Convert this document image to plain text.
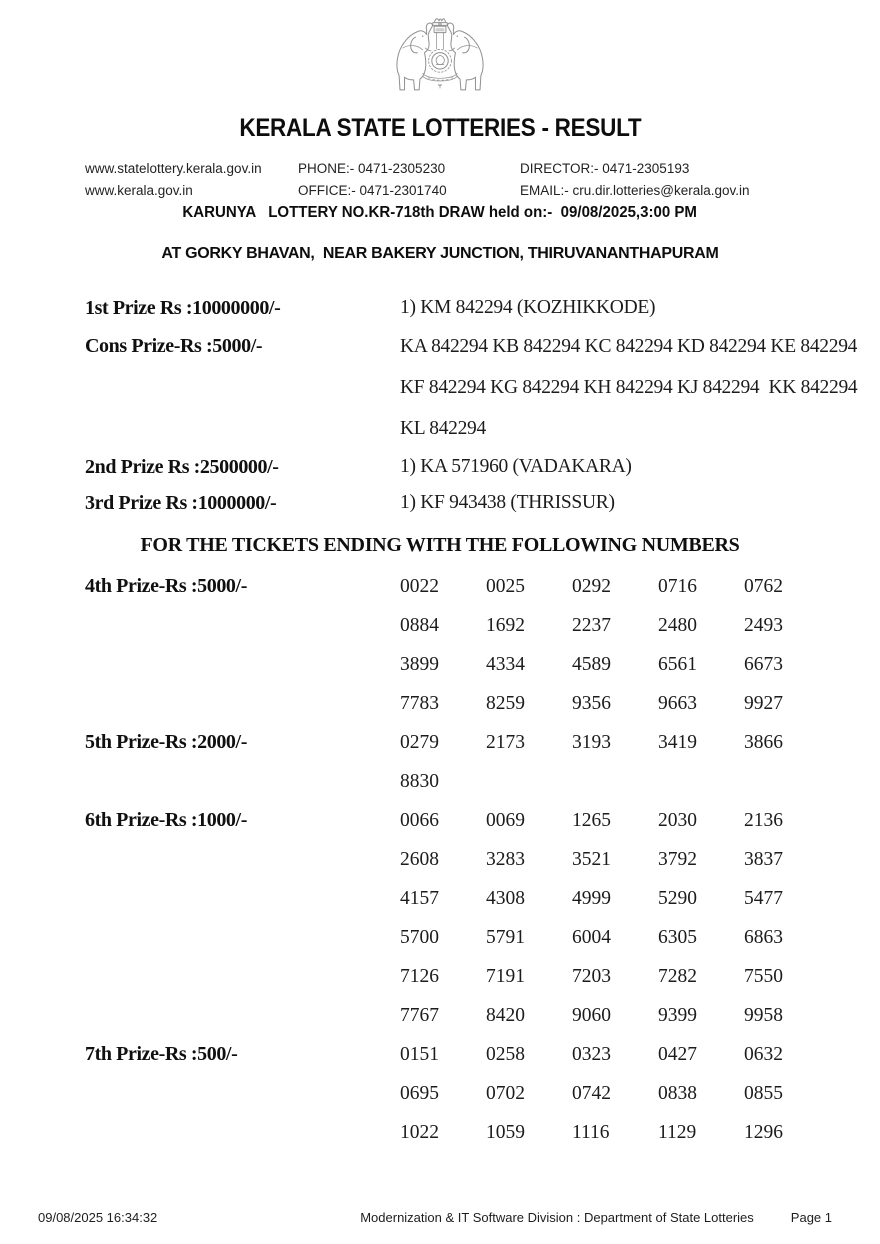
KERALA STATE LOTTERIES - RESULT
www.statelottery.kerala.gov.in	PHONE:- 0471-2305230	DIRECTOR:- 0471-2305193
www.kerala.gov.in	OFFICE:- 0471-2301740	EMAIL:- cru.dir.lotteries@kerala.gov.in
KARUNYA   LOTTERY NO.KR-718th DRAW held on:-  09/08/2025,3:00 PM
AT GORKY BHAVAN,  NEAR BAKERY JUNCTION, THIRUVANANTHAPURAM
1st Prize Rs :10000000/-	1) KM 842294 (KOZHIKKODE)
Cons Prize-Rs :5000/-	KA 842294 KB 842294 KC 842294 KD 842294 KE 842294
KF 842294 KG 842294 KH 842294 KJ 842294  KK 842294
KL 842294
2nd Prize Rs :2500000/-	1) KA 571960 (VADAKARA)
3rd Prize Rs :1000000/-	1) KF 943438 (THRISSUR)
FOR THE TICKETS ENDING WITH THE FOLLOWING NUMBERS
4th Prize-Rs :5000/-	0022	0025	0292	0716	0762
0884	1692	2237	2480	2493
3899	4334	4589	6561	6673
7783	8259	9356	9663	9927
5th Prize-Rs :2000/-	0279	2173	3193	3419	3866
8830
6th Prize-Rs :1000/-	0066	0069	1265	2030	2136
2608	3283	3521	3792	3837
4157	4308	4999	5290	5477
5700	5791	6004	6305	6863
7126	7191	7203	7282	7550
7767	8420	9060	9399	9958
7th Prize-Rs :500/-	0151	0258	0323	0427	0632
0695	0702	0742	0838	0855
1022	1059	1116	1129	1296
09/08/2025 16:34:32	Modernization & IT Software Division : Department of State Lotteries	Page 1
